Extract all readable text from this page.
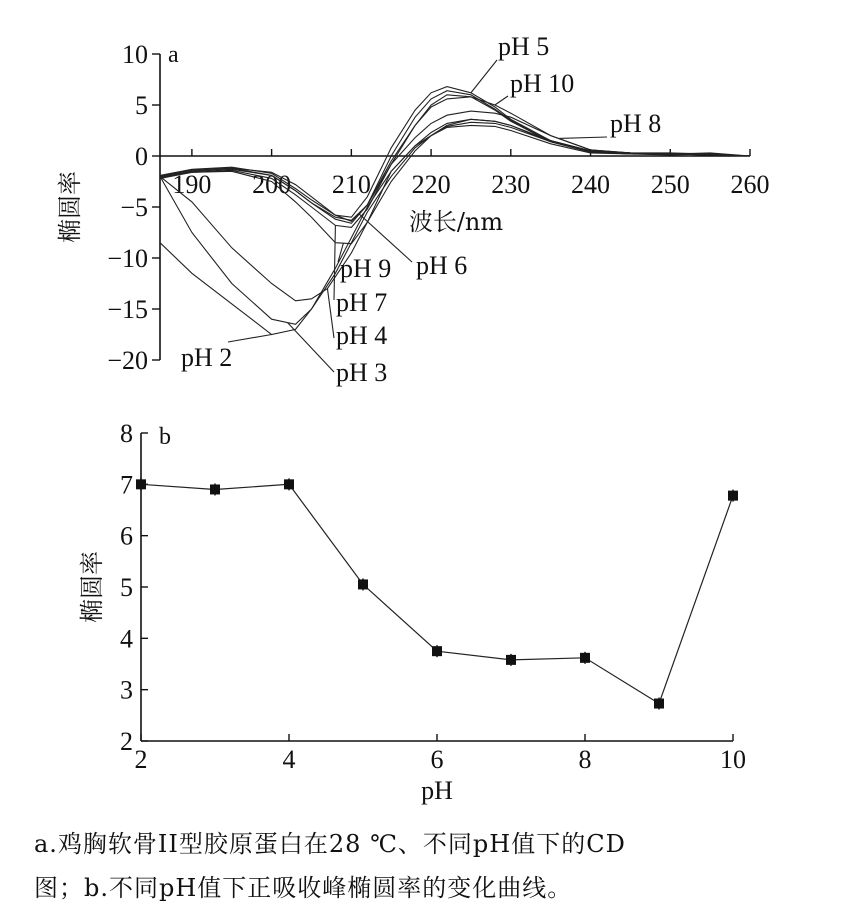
10
5
0
−5
−10
−15
−20
190 200 210 220 230 240 250 260
a
波长/nm
椭圆率
pH 2
pH 3
pH 4
pH 5
pH 6
pH 7
pH 8
pH 9
pH 10
2
3
4
5
6
7
8
2	4	6	8	10
b
pH
椭圆率
a.鸡胸软骨II型胶原蛋白在28 ℃、不同pH值下的CD
图；b.不同pH值下正吸收峰椭圆率的变化曲线。
